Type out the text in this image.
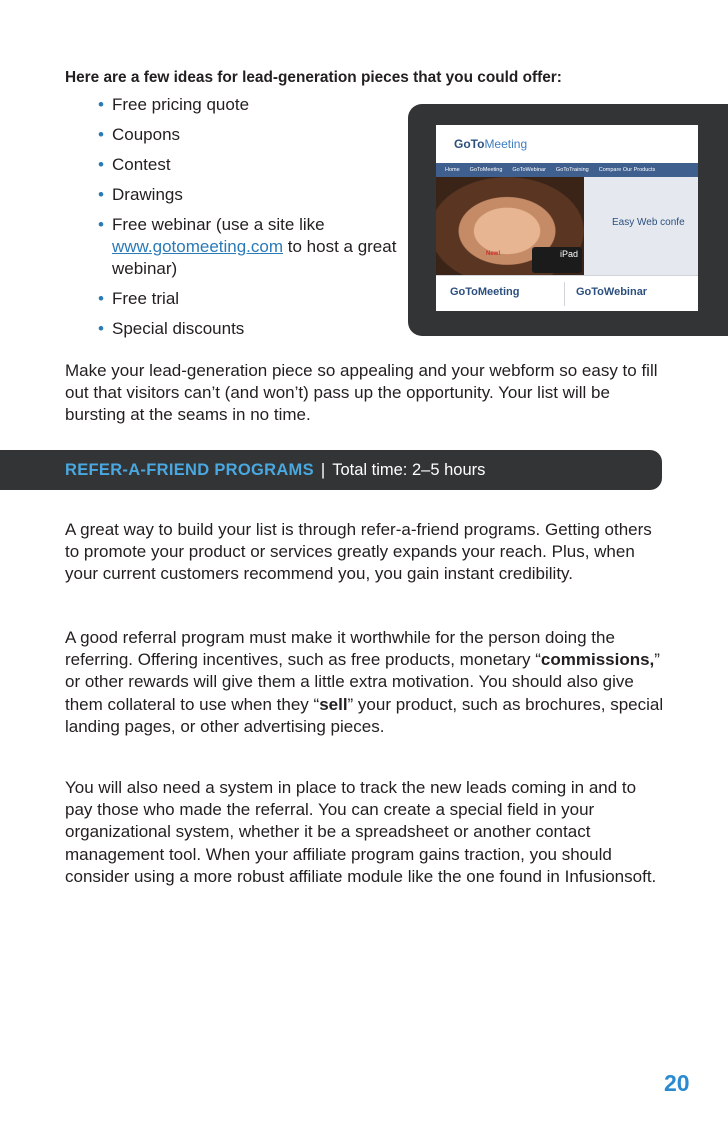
Here are a few ideas for lead-generation pieces that you could offer:

• Free pricing quote
• Coupons
• Contest
• Drawings
• Free webinar (use a site like
www.gotomeeting.com to host a great webinar)
• Free trial
• Special discounts
GoToMeeting
Home	GoToMeeting	GoToWebinar	GoToTraining	Compare Our Products
New!	iPad
Easy Web confe
GoToMeeting	GoToWebinar

Make your lead-generation piece so appealing and your webform so easy to fill out that visitors can’t (and won’t) pass up the opportunity. Your list will be bursting at the seams in no time.

REFER-A-FRIEND PROGRAMS | Total time: 2–5 hours

A great way to build your list is through refer-a-friend programs. Getting others to promote your product or services greatly expands your reach. Plus, when your current customers recommend you, you gain instant credibility.

A good referral program must make it worthwhile for the person doing the referring. Offering incentives, such as free products, monetary “commissions,” or other rewards will give them a little extra motivation. You should also give them collateral to use when they “sell” your product, such as brochures, special landing pages, or other advertising pieces.

You will also need a system in place to track the new leads coming in and to pay those who made the referral. You can create a special field in your organizational system, whether it be a spreadsheet or another contact management tool. When your affiliate program gains traction, you should consider using a more robust affiliate module like the one found in Infusionsoft.

20
